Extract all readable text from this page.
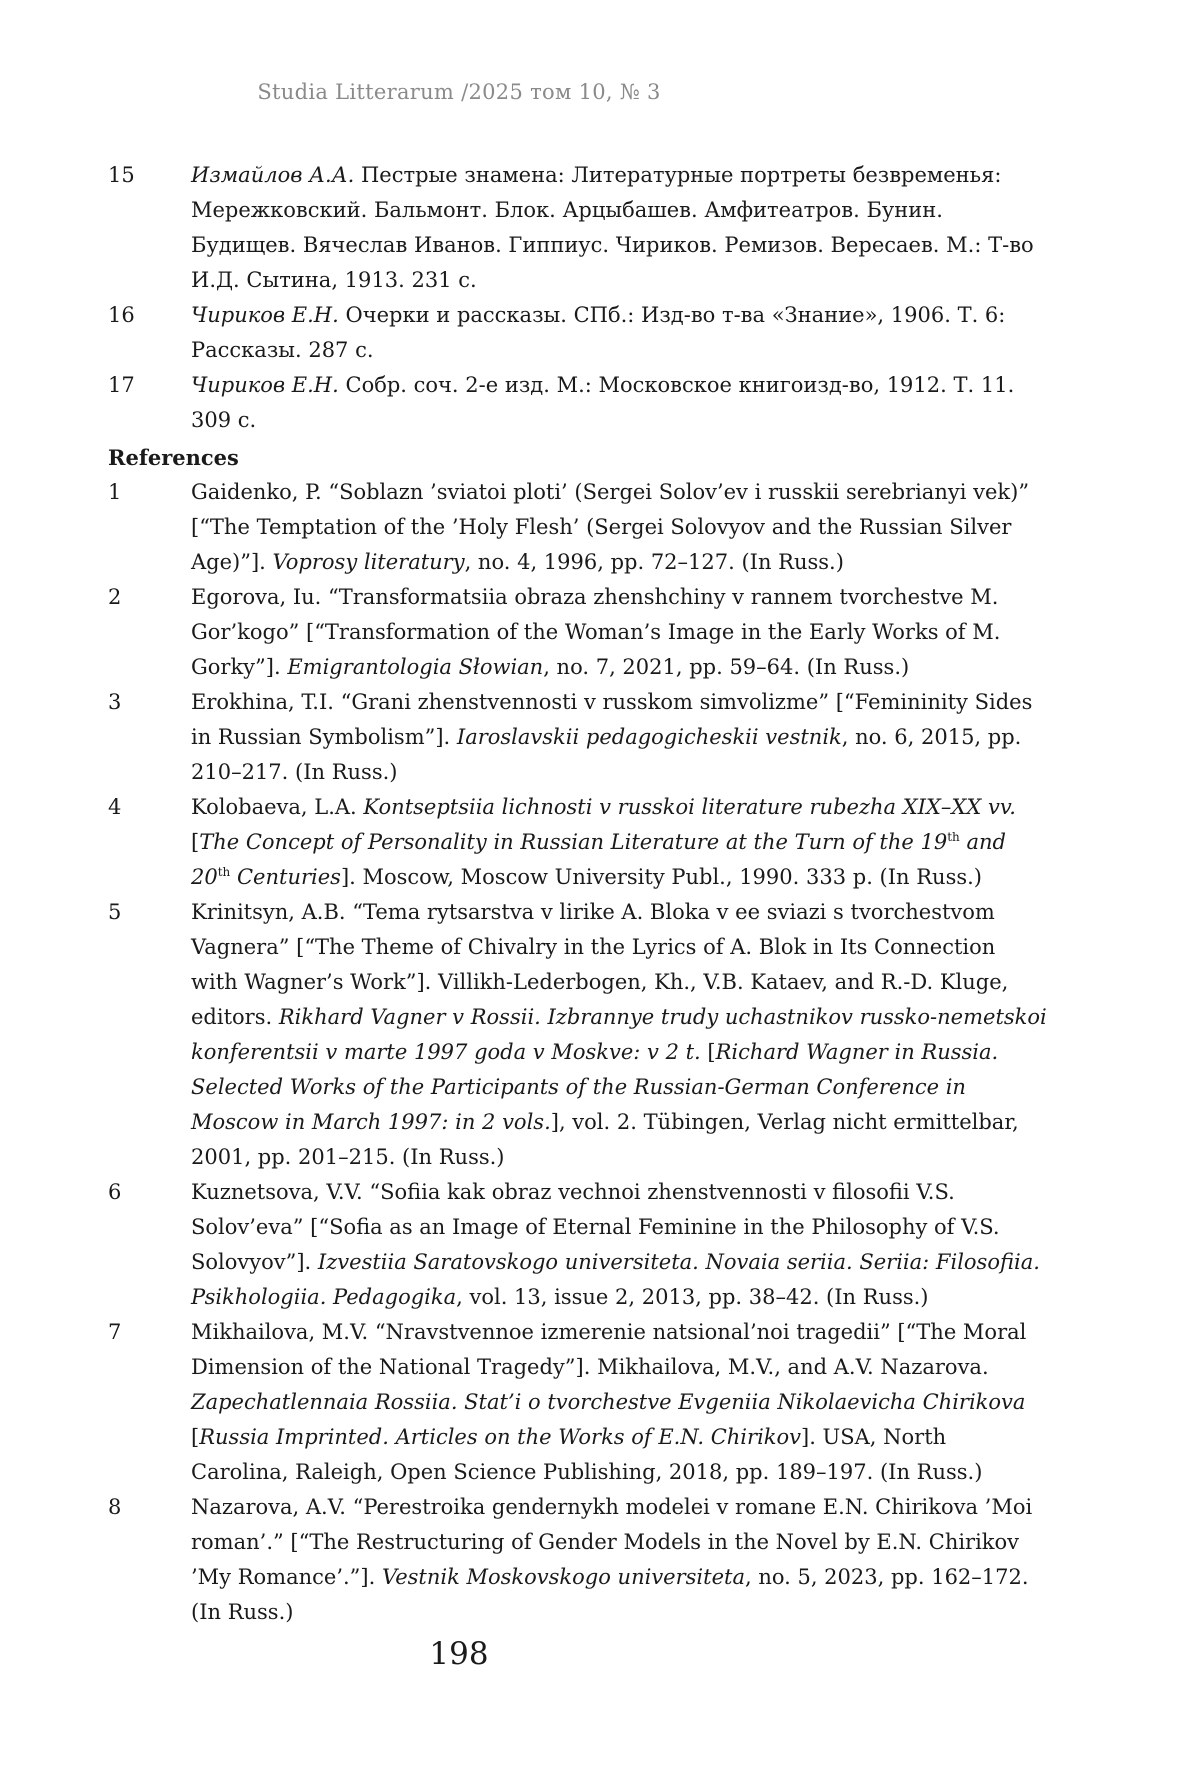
Studia Litterarum /2025 том 10, № 3
15	Измайлов А.А. Пестрые знамена: Литературные портреты безвременья: Мережковский. Бальмонт. Блок. Арцыбашев. Амфитеатров. Бунин. Будищев. Вячеслав Иванов. Гиппиус. Чириков. Ремизов. Вересаев. М.: Т-во И.Д. Сытина, 1913. 231 с.
16	Чириков Е.Н. Очерки и рассказы. СПб.: Изд-во т-ва «Знание», 1906. Т. 6: Рассказы. 287 с.
17	Чириков Е.Н. Собр. соч. 2-е изд. М.: Московское книгоизд-во, 1912. Т. 11. 309 с.
References
1	Gaidenko, P. “Soblazn ’sviatoi ploti’ (Sergei Solov’ev i russkii serebrianyi vek)” [“The Temptation of the ’Holy Flesh’ (Sergei Solovyov and the Russian Silver Age)”]. Voprosy literatury, no. 4, 1996, pp. 72–127. (In Russ.)
2	Egorova, Iu. “Transformatsiia obraza zhenshchiny v rannem tvorchestve M. Gor’kogo” [“Transformation of the Woman’s Image in the Early Works of M. Gorky”]. Emigrantologia Słowian, no. 7, 2021, pp. 59–64. (In Russ.)
3	Erokhina, T.I. “Grani zhenstvennosti v russkom simvolizme” [“Femininity Sides in Russian Symbolism”]. Iaroslavskii pedagogicheskii vestnik, no. 6, 2015, pp. 210–217. (In Russ.)
4	Kolobaeva, L.A. Kontseptsiia lichnosti v russkoi literature rubezha XIX–XX vv. [The Concept of Personality in Russian Literature at the Turn of the 19th and 20th Centuries]. Moscow, Moscow University Publ., 1990. 333 p. (In Russ.)
5	Krinitsyn, A.B. “Tema rytsarstva v lirike A. Bloka v ee sviazi s tvorchestvom Vagnera” [“The Theme of Chivalry in the Lyrics of A. Blok in Its Connection with Wagner’s Work”]. Villikh-Lederbogen, Kh., V.B. Kataev, and R.-D. Kluge, editors. Rikhard Vagner v Rossii. Izbrannye trudy uchastnikov russko-nemetskoi konferentsii v marte 1997 goda v Moskve: v 2 t. [Richard Wagner in Russia. Selected Works of the Participants of the Russian-German Conference in Moscow in March 1997: in 2 vols.], vol. 2. Tübingen, Verlag nicht ermittelbar, 2001, pp. 201–215. (In Russ.)
6	Kuznetsova, V.V. “Sofiia kak obraz vechnoi zhenstvennosti v filosofii V.S. Solov’eva” [“Sofia as an Image of Eternal Feminine in the Philosophy of V.S. Solovyov”]. Izvestiia Saratovskogo universiteta. Novaia seriia. Seriia: Filosofiia. Psikhologiia. Pedagogika, vol. 13, issue 2, 2013, pp. 38–42. (In Russ.)
7	Mikhailova, M.V. “Nravstvennoe izmerenie natsional’noi tragedii” [“The Moral Dimension of the National Tragedy”]. Mikhailova, M.V., and A.V. Nazarova. Zapechatlennaia Rossiia. Stat’i o tvorchestve Evgeniia Nikolaevicha Chirikova [Russia Imprinted. Articles on the Works of E.N. Chirikov]. USA, North Carolina, Raleigh, Open Science Publishing, 2018, pp. 189–197. (In Russ.)
8	Nazarova, A.V. “Perestroika gendernykh modelei v romane E.N. Chirikova ’Moi roman’.” [“The Restructuring of Gender Models in the Novel by E.N. Chirikov ’My Romance’.”]. Vestnik Moskovskogo universiteta, no. 5, 2023, pp. 162–172. (In Russ.)
198
